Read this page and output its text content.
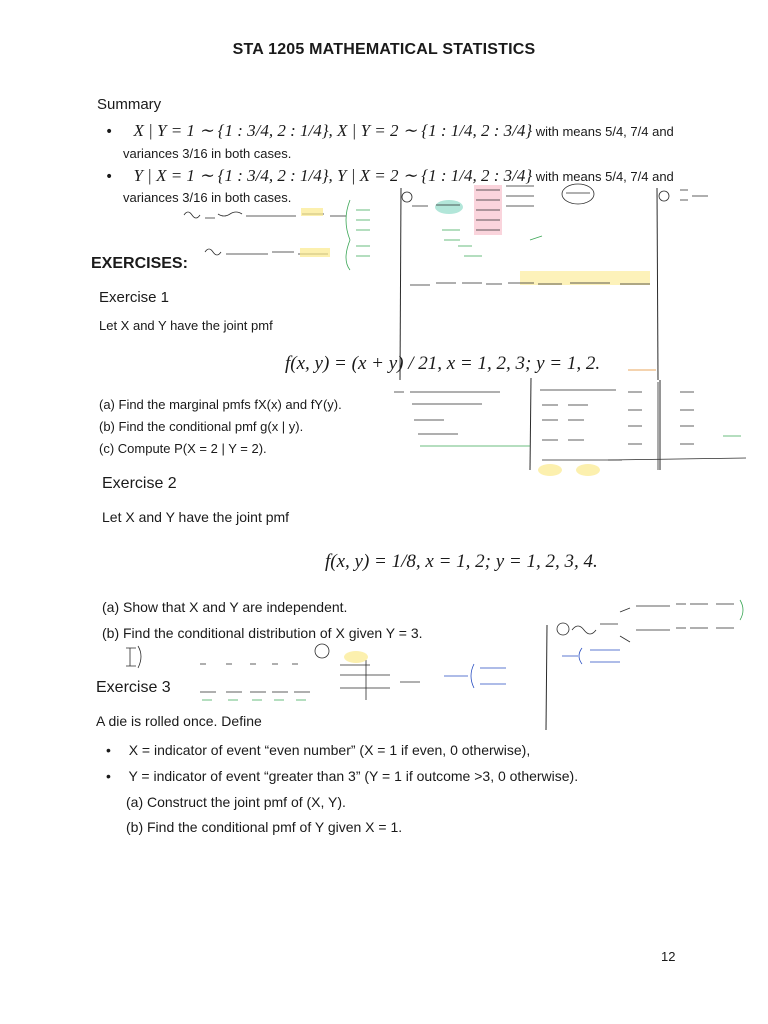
STA 1205 MATHEMATICAL STATISTICS
Summary
• X | Y = 1 ∼ {1 : 3/4, 2 : 1/4}, X | Y = 2 ∼ {1 : 1/4, 2 : 3/4} with means 5/4, 7/4 and
variances 3/16 in both cases.
• Y | X = 1 ∼ {1 : 3/4, 2 : 1/4}, Y | X = 2 ∼ {1 : 1/4, 2 : 3/4} with means 5/4, 7/4 and
variances 3/16 in both cases.
EXERCISES:
Exercise 1
Let X and Y have the joint pmf
f(x, y) = (x + y) / 21, x = 1, 2, 3; y = 1, 2.
(a) Find the marginal pmfs fX(x) and fY(y).
(b) Find the conditional pmf g(x | y).
(c) Compute P(X = 2 | Y = 2).
Exercise 2
Let X and Y have the joint pmf
f(x, y) = 1/8, x = 1, 2; y = 1, 2, 3, 4.
(a) Show that X and Y are independent.
(b) Find the conditional distribution of X given Y = 3.
Exercise 3
A die is rolled once. Define
• X = indicator of event “even number” (X = 1 if even, 0 otherwise),
• Y = indicator of event “greater than 3” (Y = 1 if outcome >3, 0 otherwise).
(a) Construct the joint pmf of (X, Y).
(b) Find the conditional pmf of Y given X = 1.
12
